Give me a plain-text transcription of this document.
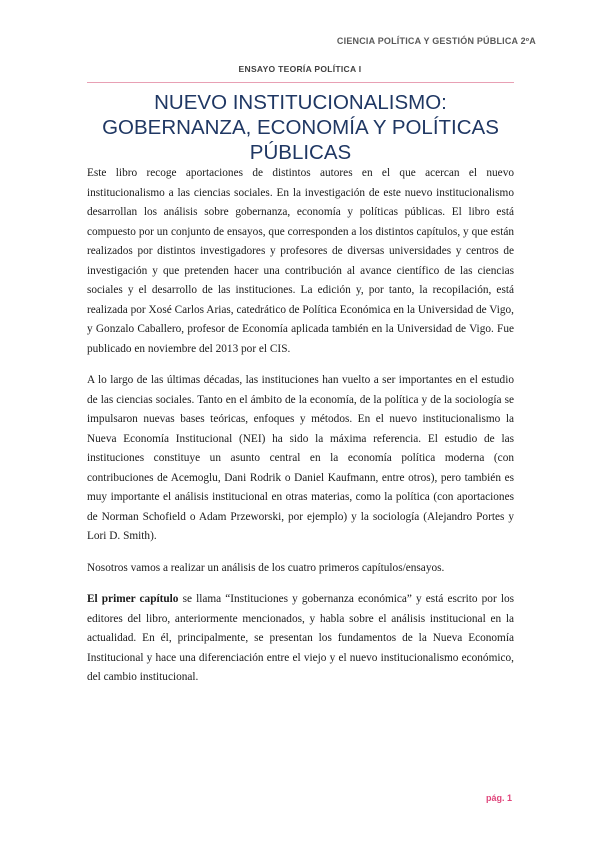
CIENCIA POLÍTICA Y GESTIÓN PÚBLICA 2ºA
ENSAYO TEORÍA POLÍTICA I
NUEVO INSTITUCIONALISMO: GOBERNANZA, ECONOMÍA Y POLÍTICAS PÚBLICAS

Este libro recoge aportaciones de distintos autores en el que acercan el nuevo institucionalismo a las ciencias sociales. En la investigación de este nuevo institucionalismo desarrollan los análisis sobre gobernanza, economía y políticas públicas. El libro está compuesto por un conjunto de ensayos, que corresponden a los distintos capítulos, y que están realizados por distintos investigadores y profesores de diversas universidades y centros de investigación y que pretenden hacer una contribución al avance científico de las ciencias sociales y el desarrollo de las instituciones. La edición y, por tanto, la recopilación, está realizada por Xosé Carlos Arias, catedrático de Política Económica en la Universidad de Vigo, y Gonzalo Caballero, profesor de Economía aplicada también en la Universidad de Vigo. Fue publicado en noviembre del 2013 por el CIS.

A lo largo de las últimas décadas, las instituciones han vuelto a ser importantes en el estudio de las ciencias sociales. Tanto en el ámbito de la economía, de la política y de la sociología se impulsaron nuevas bases teóricas, enfoques y métodos. En el nuevo institucionalismo la Nueva Economía Institucional (NEI) ha sido la máxima referencia. El estudio de las instituciones constituye un asunto central en la economía política moderna (con contribuciones de Acemoglu, Dani Rodrik o Daniel Kaufmann, entre otros), pero también es muy importante el análisis institucional en otras materias, como la política (con aportaciones de Norman Schofield o Adam Przeworski, por ejemplo) y la sociología (Alejandro Portes y Lori D. Smith).

Nosotros vamos a realizar un análisis de los cuatro primeros capítulos/ensayos.

El primer capítulo se llama “Instituciones y gobernanza económica” y está escrito por los editores del libro, anteriormente mencionados, y habla sobre el análisis institucional en la actualidad. En él, principalmente, se presentan los fundamentos de la Nueva Economía Institucional y hace una diferenciación entre el viejo y el nuevo institucionalismo económico, del cambio institucional.

pág. 1
